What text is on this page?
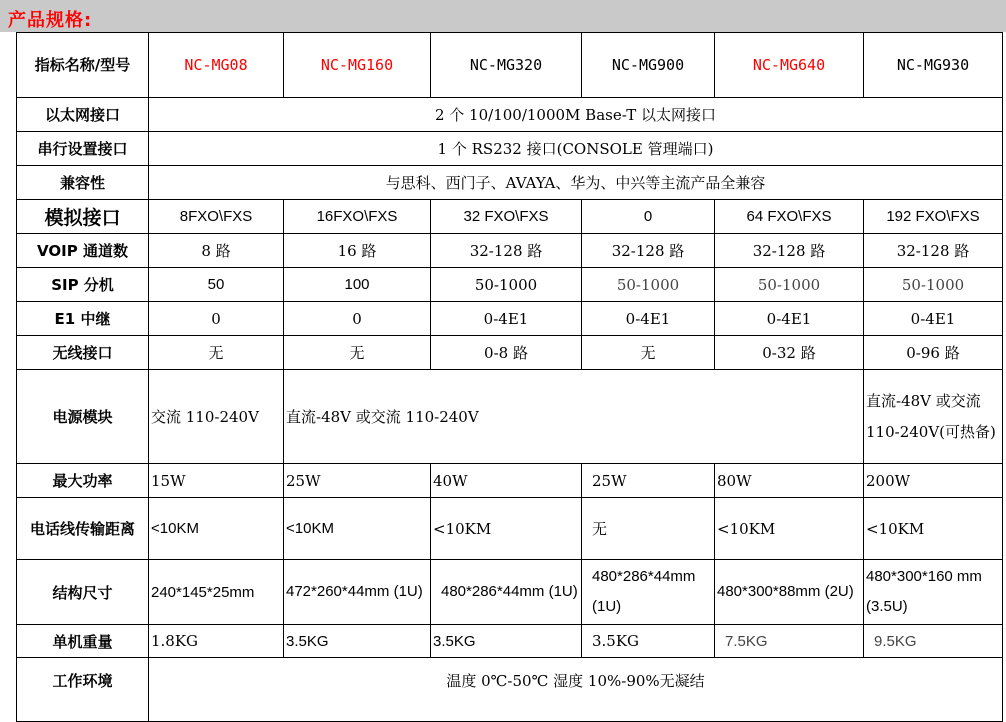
产品规格:
指标名称/型号	NC-MG08	NC-MG160	NC-MG320	NC-MG900	NC-MG640	NC-MG930
以太网接口	2 个 10/100/1000M Base-T 以太网接口					
串行设置接口	1 个 RS232 接口(CONSOLE 管理端口)					
兼容性	与思科、西门子、AVAYA、华为、中兴等主流产品全兼容					
模拟接口	8FXO\FXS	16FXO\FXS	32 FXO\FXS	0	64 FXO\FXS	192 FXO\FXS
VOIP 通道数	8 路	16 路	32-128 路	32-128 路	32-128 路	32-128 路
SIP 分机	50	100	50-1000	50-1000	50-1000	50-1000
E1 中继	0	0	0-4E1	0-4E1	0-4E1	0-4E1
无线接口	无	无	0-8 路	无	0-32 路	0-96 路
电源模块	交流 110-240V	直流-48V 或交流 110-240V				直流-48V 或交流 110-240V(可热备)
最大功率	15W	25W	40W	25W	80W	200W
电话线传输距离	<10KM	<10KM	<10KM	无	<10KM	<10KM
结构尺寸	240*145*25mm	472*260*44mm (1U)	480*286*44mm (1U)	480*286*44mm (1U)	480*300*88mm (2U)	480*300*160 mm (3.5U)
单机重量	1.8KG	3.5KG	3.5KG	3.5KG	7.5KG	9.5KG
工作环境	温度 0℃-50℃ 湿度 10%-90%无凝结					
